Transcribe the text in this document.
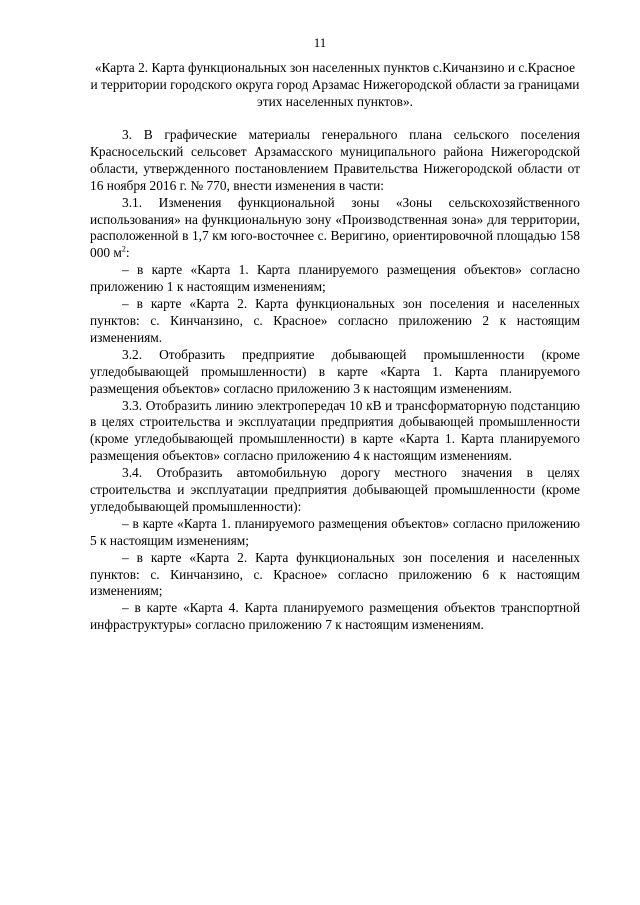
11
«Карта 2. Карта функциональных зон населенных пунктов с.Кичанзино и с.Красное и территории городского округа город Арзамас Нижегородской области за границами этих населенных пунктов».

3. В графические материалы генерального плана сельского поселения Красносельский сельсовет Арзамасского муниципального района Нижегородской области, утвержденного постановлением Правительства Нижегородской области от 16 ноября 2016 г. № 770, внести изменения в части:

3.1. Изменения функциональной зоны «Зоны сельскохозяйственного использования» на функциональную зону «Производственная зона» для территории, расположенной в 1,7 км юго-восточнее с. Веригино, ориентировочной площадью 158 000 $м^2$:

– в карте «Карта 1. Карта планируемого размещения объектов» согласно приложению 1 к настоящим изменениям;

– в карте «Карта 2. Карта функциональных зон поселения и населенных пунктов: с. Кинчанзино, с. Красное» согласно приложению 2 к настоящим изменениям.

3.2. Отобразить предприятие добывающей промышленности (кроме угледобывающей промышленности) в карте «Карта 1. Карта планируемого размещения объектов» согласно приложению 3 к настоящим изменениям.

3.3. Отобразить линию электропередач 10 кВ и трансформаторную подстанцию в целях строительства и эксплуатации предприятия добывающей промышленности (кроме угледобывающей промышленности) в карте «Карта 1. Карта планируемого размещения объектов» согласно приложению 4 к настоящим изменениям.

3.4. Отобразить автомобильную дорогу местного значения в целях строительства и эксплуатации предприятия добывающей промышленности (кроме угледобывающей промышленности):

– в карте «Карта 1. планируемого размещения объектов» согласно приложению 5 к настоящим изменениям;

– в карте «Карта 2. Карта функциональных зон поселения и населенных пунктов: с. Кинчанзино, с. Красное» согласно приложению 6 к настоящим изменениям;

– в карте «Карта 4. Карта планируемого размещения объектов транспортной инфраструктуры» согласно приложению 7 к настоящим изменениям.
